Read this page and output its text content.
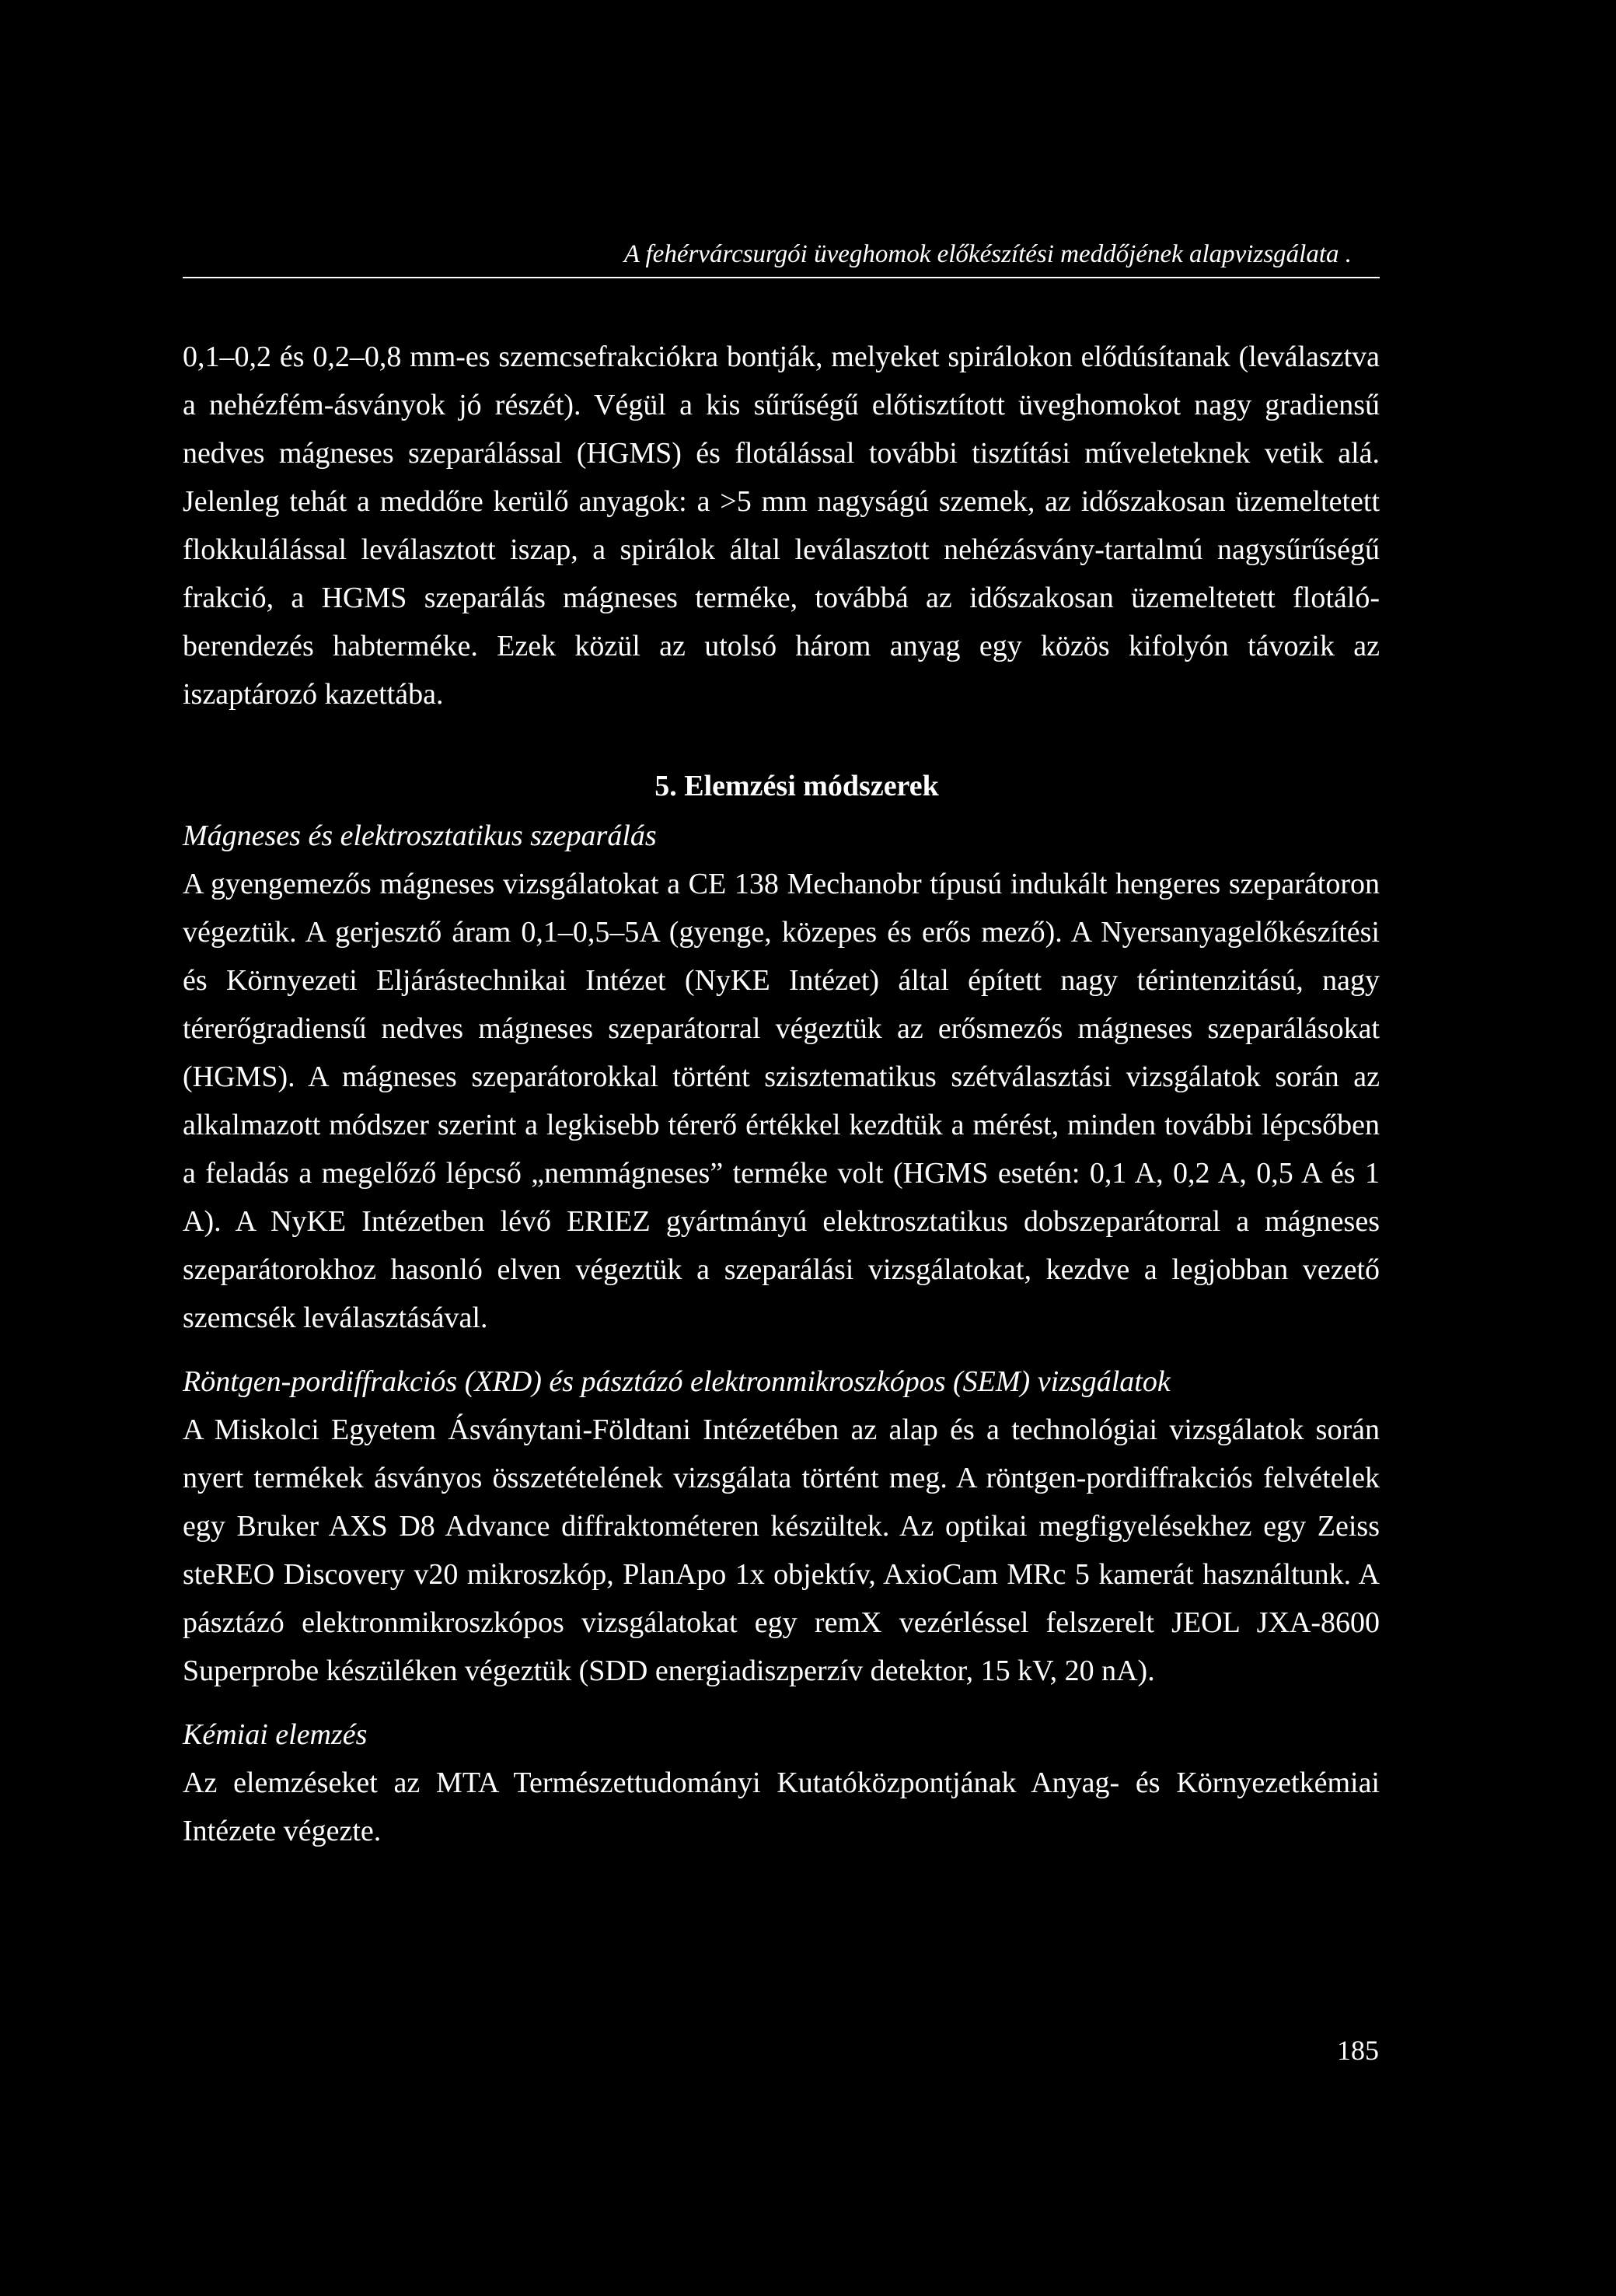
A fehérvárcsurgói üveghomok előkészítési meddőjének alapvizsgálata .

0,1–0,2 és 0,2–0,8 mm-es szemcsefrakciókra bontják, melyeket spirálokon elődúsítanak (leválasztva a nehézfém-ásványok jó részét). Végül a kis sűrűségű előtisztított üveghomokot nagy gradiensű nedves mágneses szeparálással (HGMS) és flotálással további tisztítási műveleteknek vetik alá. Jelenleg tehát a meddőre kerülő anyagok: a >5 mm nagyságú szemek, az időszakosan üzemeltetett flokkulálással leválasztott iszap, a spirálok által leválasztott nehézásvány-tartalmú nagysűrűségű frakció, a HGMS szeparálás mágneses terméke, továbbá az időszakosan üzemeltetett flotáló-berendezés habterméke. Ezek közül az utolsó három anyag egy közös kifolyón távozik az iszaptározó kazettába.

5. Elemzési módszerek
Mágneses és elektrosztatikus szeparálás

A gyengemezős mágneses vizsgálatokat a CE 138 Mechanobr típusú indukált hengeres szeparátoron végeztük. A gerjesztő áram 0,1–0,5–5A (gyenge, közepes és erős mező). A Nyersanyagelőkészítési és Környezeti Eljárástechnikai Intézet (NyKE Intézet) által épített nagy térintenzitású, nagy térerőgradiensű nedves mágneses szeparátorral végeztük az erősmezős mágneses szeparálásokat (HGMS). A mágneses szeparátorokkal történt szisztematikus szétválasztási vizsgálatok során az alkalmazott módszer szerint a legkisebb térerő értékkel kezdtük a mérést, minden további lépcsőben a feladás a megelőző lépcső „nemmágneses” terméke volt (HGMS esetén: 0,1 A, 0,2 A, 0,5 A és 1 A). A NyKE Intézetben lévő ERIEZ gyártmányú elektrosztatikus dobszeparátorral a mágneses szeparátorokhoz hasonló elven végeztük a szeparálási vizsgálatokat, kezdve a legjobban vezető szemcsék leválasztásával.

Röntgen-pordiffrakciós (XRD) és pásztázó elektronmikroszkópos (SEM) vizsgálatok

A Miskolci Egyetem Ásványtani-Földtani Intézetében az alap és a technológiai vizsgálatok során nyert termékek ásványos összetételének vizsgálata történt meg. A röntgen-pordiffrakciós felvételek egy Bruker AXS D8 Advance diffraktométeren készültek. Az optikai megfigyelésekhez egy Zeiss steREO Discovery v20 mikroszkóp, PlanApo 1x objektív, AxioCam MRc 5 kamerát használtunk. A pásztázó elektronmikroszkópos vizsgálatokat egy remX vezérléssel felszerelt JEOL JXA-8600 Superprobe készüléken végeztük (SDD energiadiszperzív detektor, 15 kV, 20 nA).

Kémiai elemzés

Az elemzéseket az MTA Természettudományi Kutatóközpontjának Anyag- és Környezetkémiai Intézete végezte.

185
